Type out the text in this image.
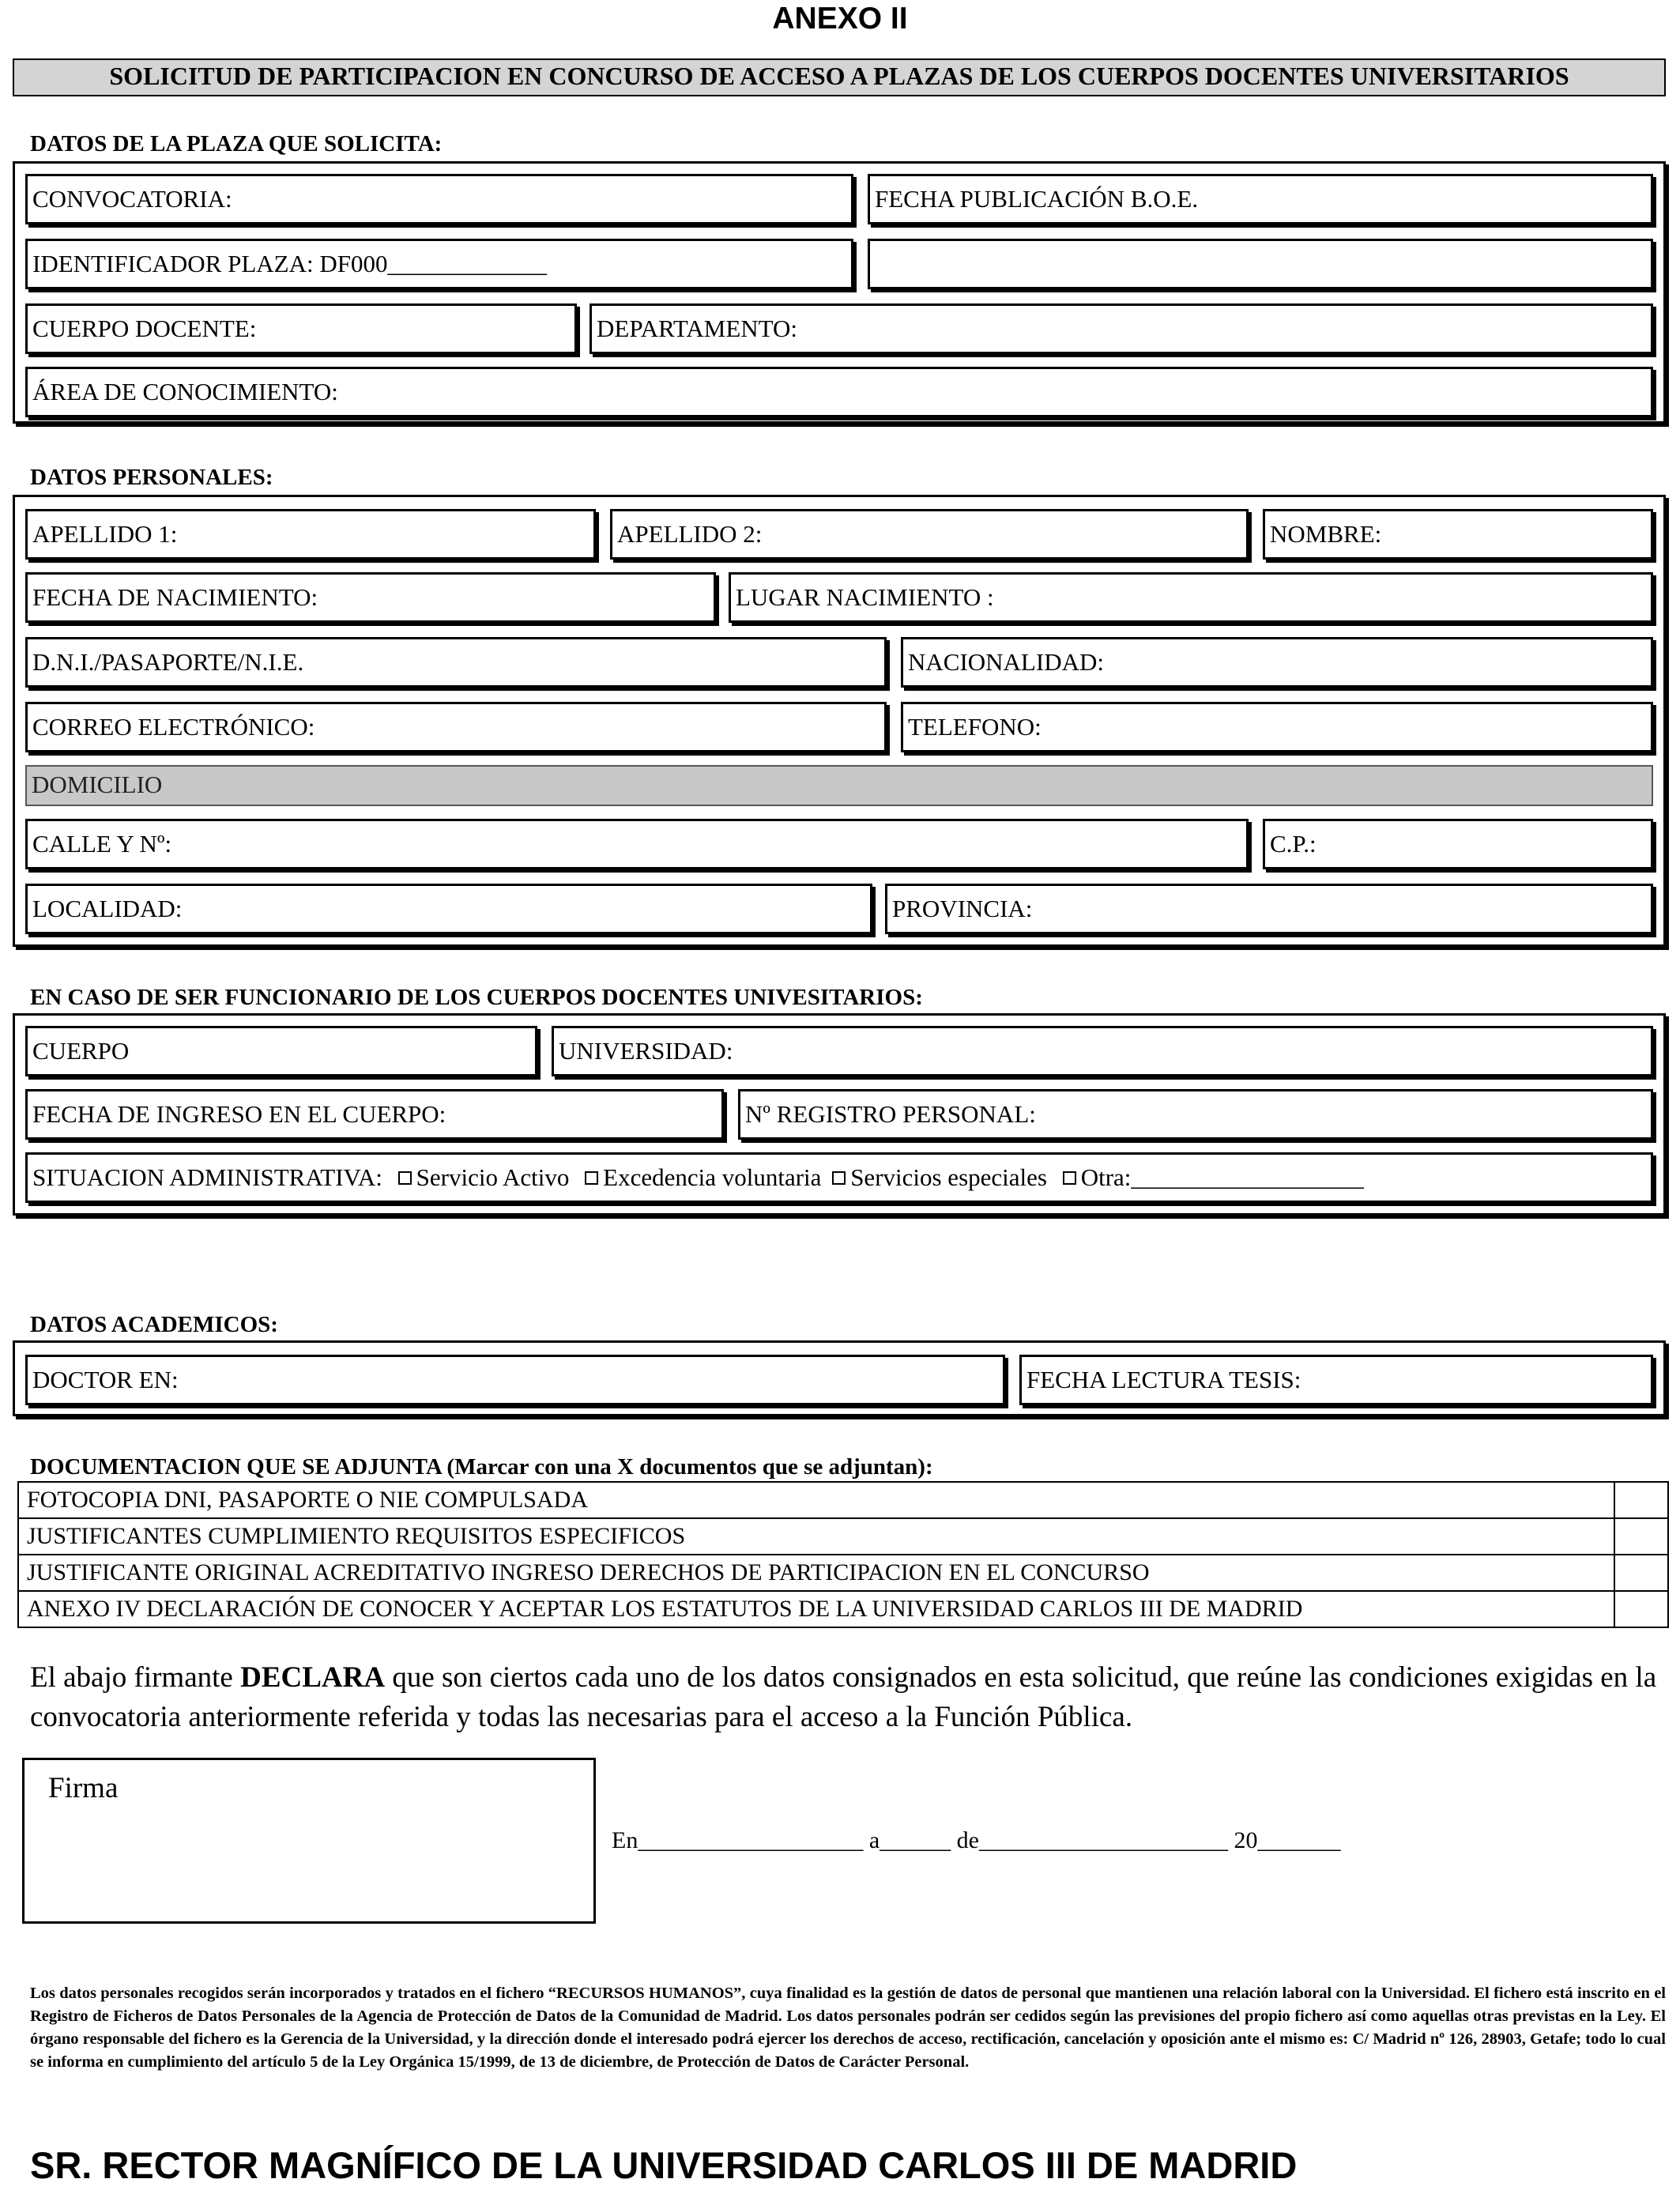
ANEXO II
SOLICITUD DE PARTICIPACION EN CONCURSO DE ACCESO A PLAZAS DE LOS CUERPOS DOCENTES UNIVERSITARIOS
DATOS DE LA PLAZA QUE SOLICITA:
CONVOCATORIA:	FECHA PUBLICACIÓN B.O.E.
IDENTIFICADOR PLAZA: DF000_____________
CUERPO DOCENTE:	DEPARTAMENTO:
ÁREA DE CONOCIMIENTO:
DATOS PERSONALES:
APELLIDO 1:	APELLIDO 2:	NOMBRE:
FECHA DE NACIMIENTO:	LUGAR NACIMIENTO :
D.N.I./PASAPORTE/N.I.E.	NACIONALIDAD:
CORREO ELECTRÓNICO:	TELEFONO:
DOMICILIO
CALLE Y Nº:	C.P.:
LOCALIDAD:	PROVINCIA:
EN CASO DE SER FUNCIONARIO DE LOS CUERPOS DOCENTES UNIVESITARIOS:
CUERPO	UNIVERSIDAD:
FECHA DE INGRESO EN EL CUERPO:	Nº REGISTRO PERSONAL:
SITUACION ADMINISTRATIVA: Servicio Activo Excedencia voluntaria Servicios especiales Otra:___________________
DATOS ACADEMICOS:
DOCTOR EN:	FECHA LECTURA TESIS:
DOCUMENTACION QUE SE ADJUNTA (Marcar con una X documentos que se adjuntan):
FOTOCOPIA DNI, PASAPORTE O NIE COMPULSADA	
JUSTIFICANTES CUMPLIMIENTO REQUISITOS ESPECIFICOS	
JUSTIFICANTE ORIGINAL ACREDITATIVO INGRESO DERECHOS DE PARTICIPACION EN EL CONCURSO	
ANEXO IV DECLARACIÓN DE CONOCER Y ACEPTAR LOS ESTATUTOS DE LA UNIVERSIDAD CARLOS III DE MADRID	
El abajo firmante DECLARA que son ciertos cada uno de los datos consignados en esta solicitud, que reúne las condiciones exigidas en la convocatoria anteriormente referida y todas las necesarias para el acceso a la Función Pública.
Firma
En___________________ a______ de_____________________ 20_______
Los datos personales recogidos serán incorporados y tratados en el fichero “RECURSOS HUMANOS”, cuya finalidad es la gestión de datos de personal que mantienen una relación laboral con la Universidad. El fichero está inscrito en el Registro de Ficheros de Datos Personales de la Agencia de Protección de Datos de la Comunidad de Madrid. Los datos personales podrán ser cedidos según las previsiones del propio fichero así como aquellas otras previstas en la Ley. El órgano responsable del fichero es la Gerencia de la Universidad, y la dirección donde el interesado podrá ejercer los derechos de acceso, rectificación, cancelación y oposición ante el mismo es: C/ Madrid nº 126, 28903, Getafe; todo lo cual se informa en cumplimiento del artículo 5 de la Ley Orgánica 15/1999, de 13 de diciembre, de Protección de Datos de Carácter Personal.
SR. RECTOR MAGNÍFICO DE LA UNIVERSIDAD CARLOS III DE MADRID
